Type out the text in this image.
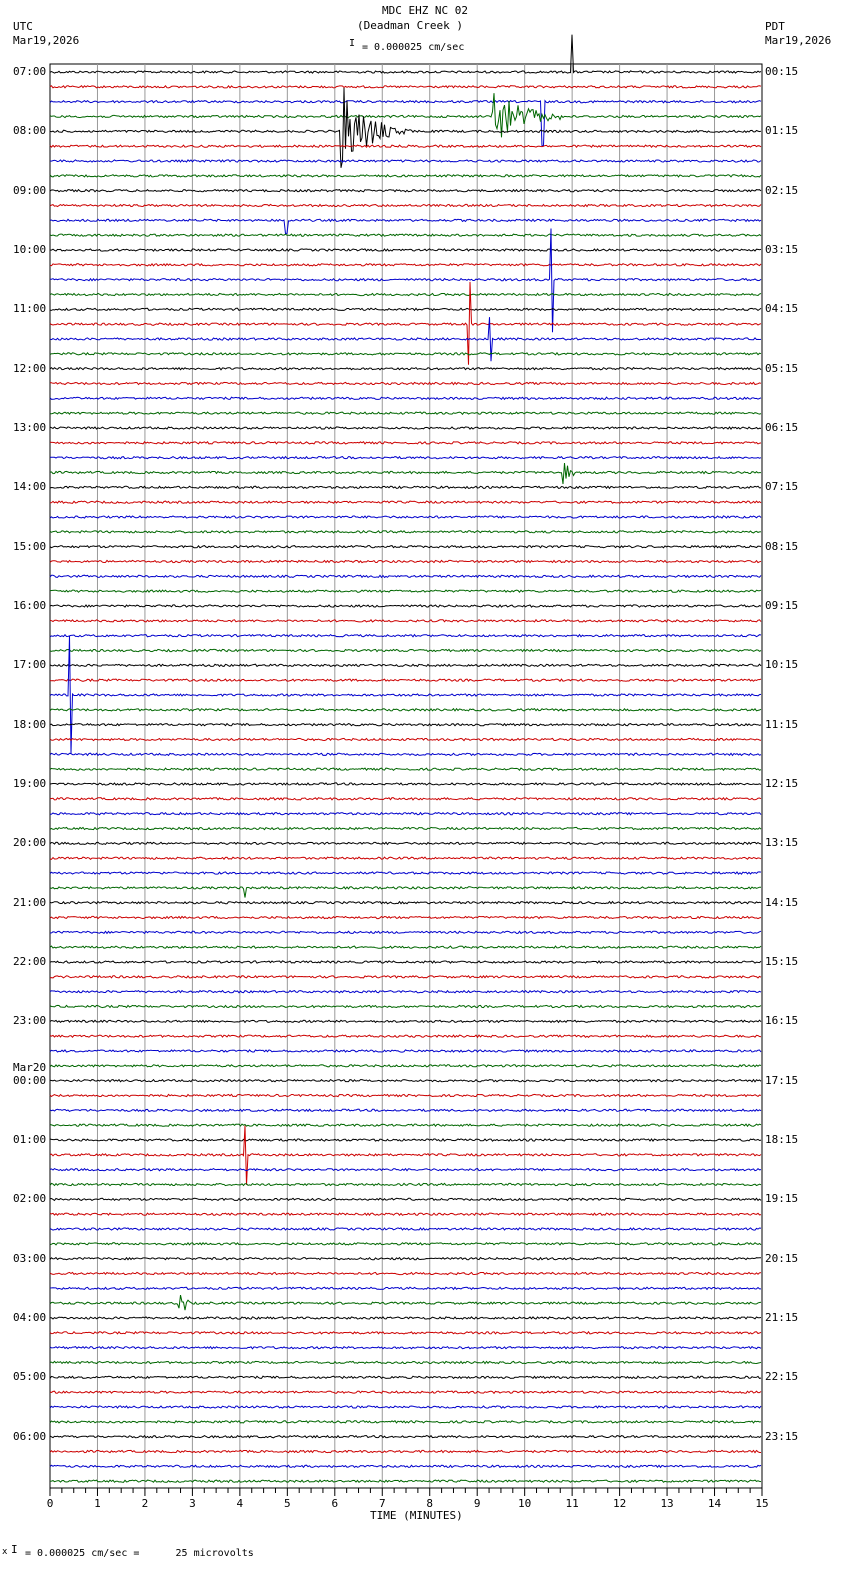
0	1	2	3	4	5	6	7	8	9	10	11	12	13	14	15
MDC EHZ NC 02
(Deadman Creek )
I = 0.000025 cm/sec
UTC
Mar19,2026
PDT
Mar19,2026
TIME (MINUTES)
x I = 0.000025 cm/sec =      25 microvolts
07:00	00:15
08:00	01:15
09:00	02:15
10:00	03:15
11:00	04:15
12:00	05:15
13:00	06:15
14:00	07:15
15:00	08:15
16:00	09:15
17:00	10:15
18:00	11:15
19:00	12:15
20:00	13:15
21:00	14:15
22:00	15:15
23:00	16:15
00:00	17:15
Mar20
01:00	18:15
02:00	19:15
03:00	20:15
04:00	21:15
05:00	22:15
06:00	23:15
